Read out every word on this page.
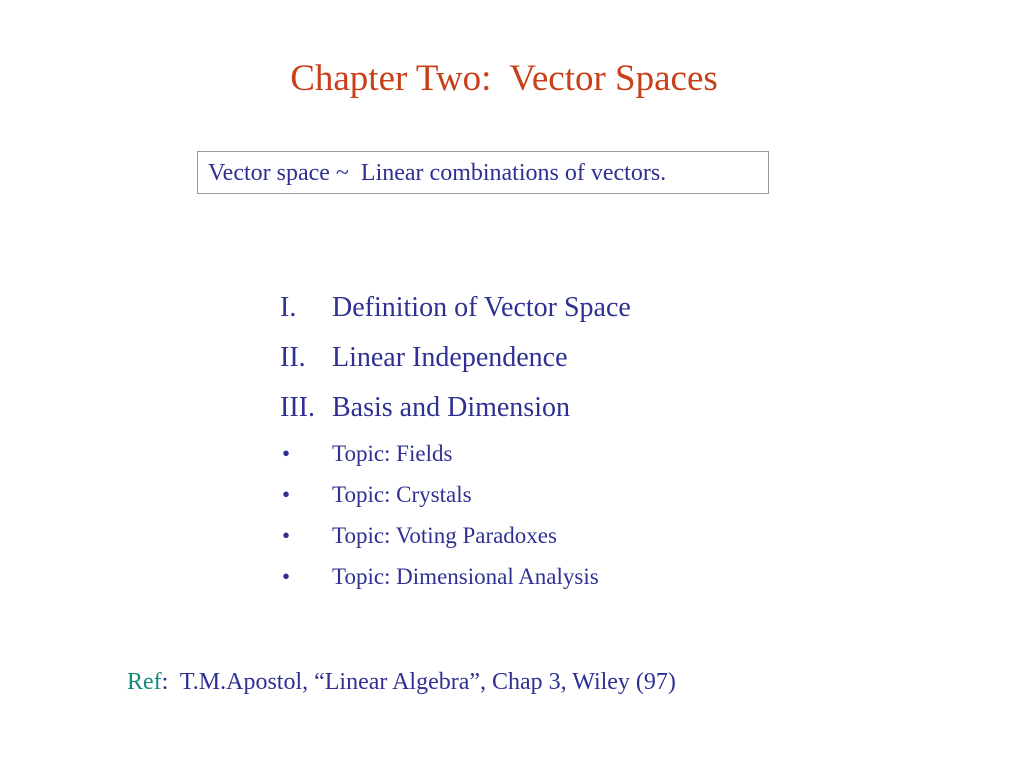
Chapter Two:  Vector Spaces
Vector space ~  Linear combinations of vectors.
I.	Definition of Vector Space
II. Linear Independence
III. Basis and Dimension
•	Topic: Fields
•	Topic: Crystals
•	Topic: Voting Paradoxes
•	Topic: Dimensional Analysis
Ref:  T.M.Apostol, “Linear Algebra”, Chap 3, Wiley (97)
